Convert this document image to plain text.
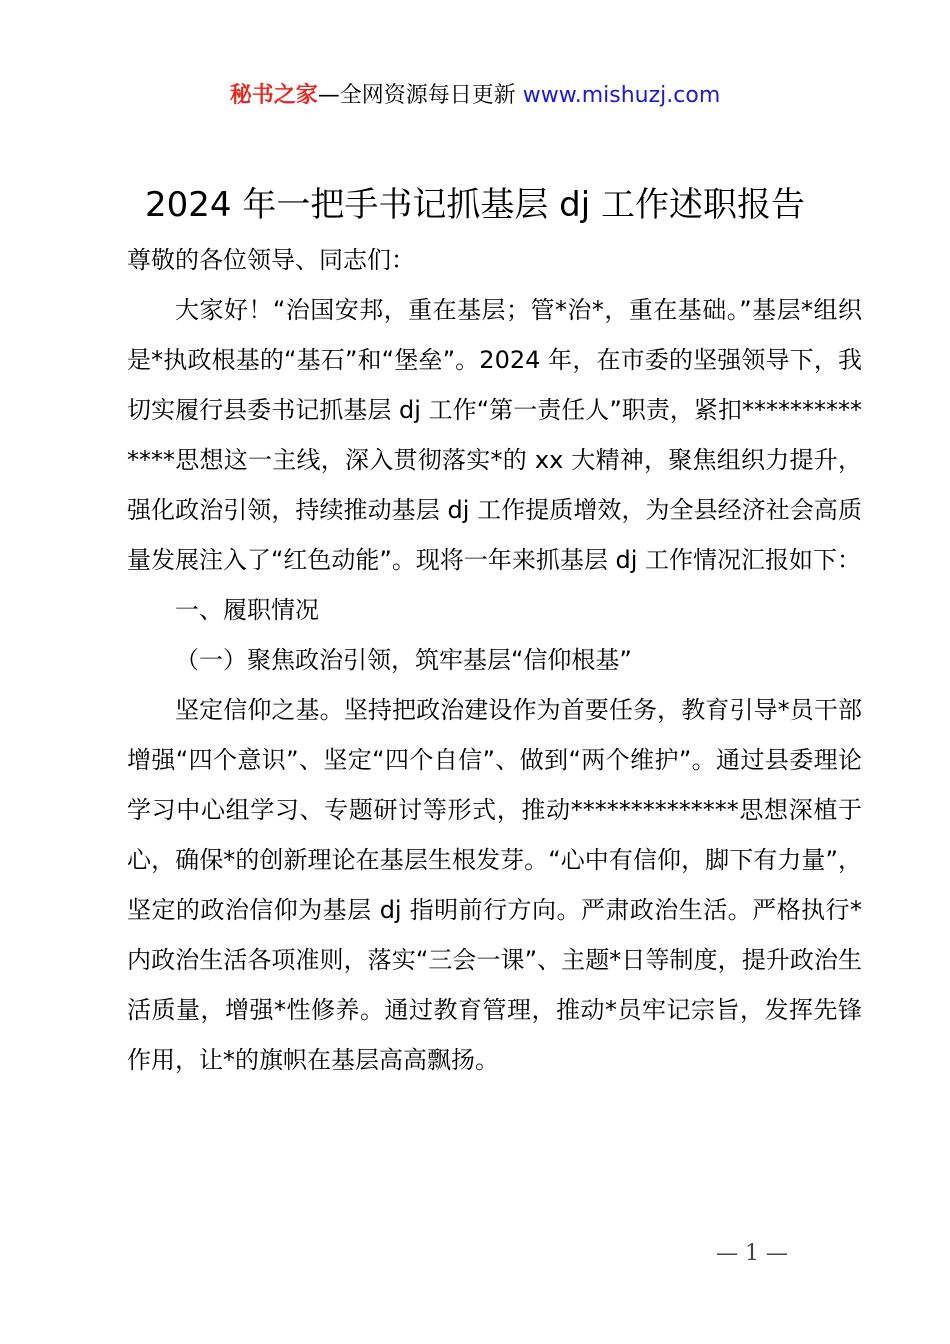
秘书之家—全网资源每日更新 www.mishuzj.com
2024 年一把手书记抓基层 dj 工作述职报告

尊敬的各位领导、同志们：

大家好！“治国安邦，重在基层；管*治*，重在基础。”基层*组织是*执政根基的“基石”和“堡垒”。2024 年，在市委的坚强领导下，我切实履行县委书记抓基层 dj 工作“第一责任人”职责，紧扣**************思想这一主线，深入贯彻落实*的 xx 大精神，聚焦组织力提升，强化政治引领，持续推动基层 dj 工作提质增效，为全县经济社会高质量发展注入了“红色动能”。现将一年来抓基层 dj 工作情况汇报如下：

一、履职情况

（一）聚焦政治引领，筑牢基层“信仰根基”

坚定信仰之基。坚持把政治建设作为首要任务，教育引导*员干部增强“四个意识”、坚定“四个自信”、做到“两个维护”。通过县委理论学习中心组学习、专题研讨等形式，推动**************思想深植于心，确保*的创新理论在基层生根发芽。“心中有信仰，脚下有力量”，坚定的政治信仰为基层 dj 指明前行方向。严肃政治生活。严格执行*内政治生活各项准则，落实“三会一课”、主题*日等制度，提升政治生活质量，增强*性修养。通过教育管理，推动*员牢记宗旨，发挥先锋作用，让*的旗帜在基层高高飘扬。

— 1 —
